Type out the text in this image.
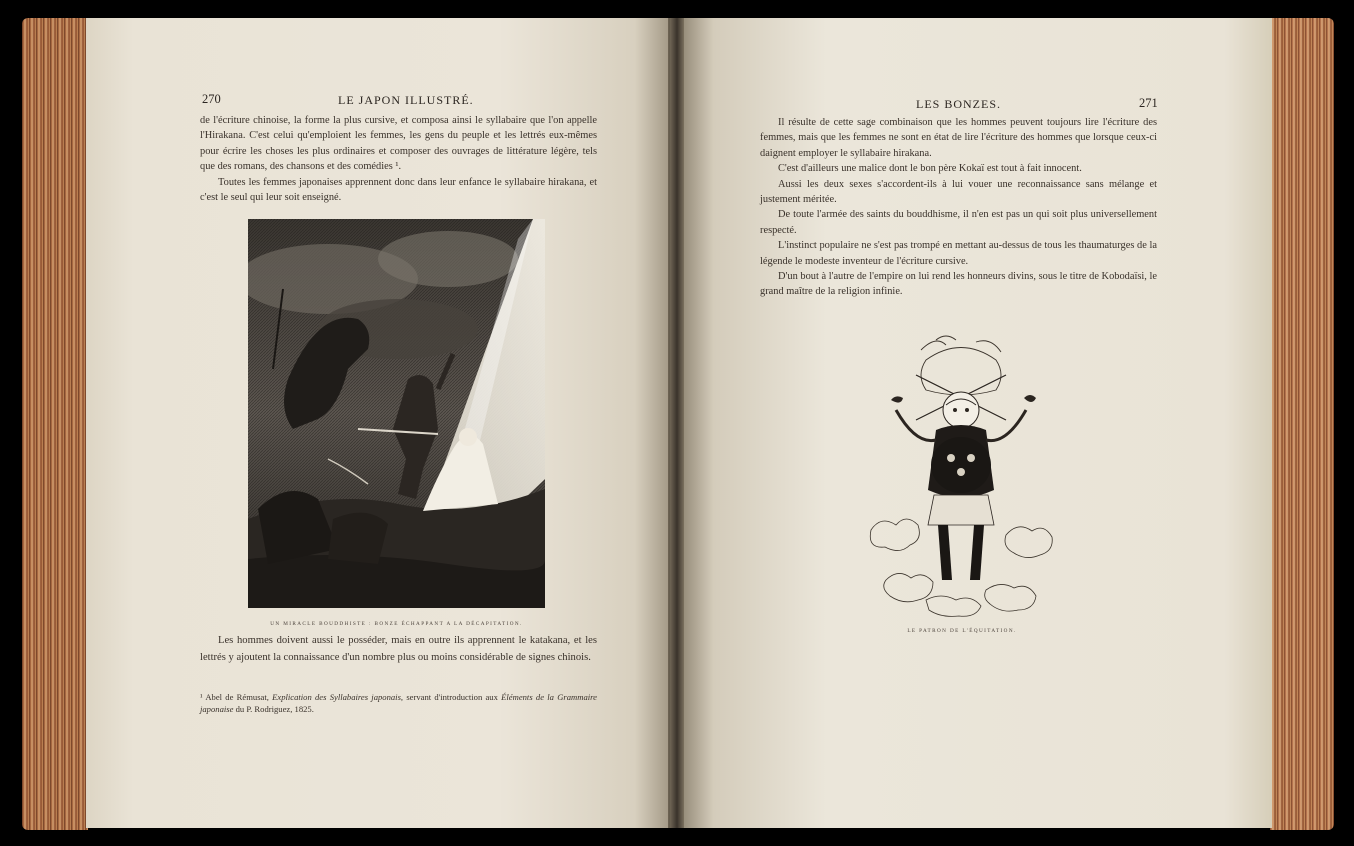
270	LE JAPON ILLUSTRÉ.

de l'écriture chinoise, la forme la plus cursive, et composa ainsi le syllabaire que l'on appelle l'Hirakana. C'est celui qu'emploient les femmes, les gens du peuple et les lettrés eux-mêmes pour écrire les choses les plus ordinaires et composer des ouvrages de littérature légère, tels que des romans, des chansons et des comédies ¹.

Toutes les femmes japonaises apprennent donc dans leur enfance le syllabaire hirakana, et c'est le seul qui leur soit enseigné.

UN MIRACLE BOUDDHISTE : BONZE ÉCHAPPANT A LA DÉCAPITATION.

Les hommes doivent aussi le posséder, mais en outre ils apprennent le katakana, et les lettrés y ajoutent la connaissance d'un nombre plus ou moins considérable de signes chinois.

¹ Abel de Rémusat, Explication des Syllabaires japonais, servant d'introduction aux Éléments de la Grammaire japonaise du P. Rodriguez, 1825.
LES BONZES.	271

Il résulte de cette sage combinaison que les hommes peuvent toujours lire l'écriture des femmes, mais que les femmes ne sont en état de lire l'écriture des hommes que lorsque ceux-ci daignent employer le syllabaire hirakana.

C'est d'ailleurs une malice dont le bon père Kokaï est tout à fait innocent.

Aussi les deux sexes s'accordent-ils à lui vouer une reconnaissance sans mélange et justement méritée.

De toute l'armée des saints du bouddhisme, il n'en est pas un qui soit plus universellement respecté.

L'instinct populaire ne s'est pas trompé en mettant au-dessus de tous les thaumaturges de la légende le modeste inventeur de l'écriture cursive.

D'un bout à l'autre de l'empire on lui rend les honneurs divins, sous le titre de Kobodaïsi, le grand maître de la religion infinie.

LE PATRON DE L'ÉQUITATION.
